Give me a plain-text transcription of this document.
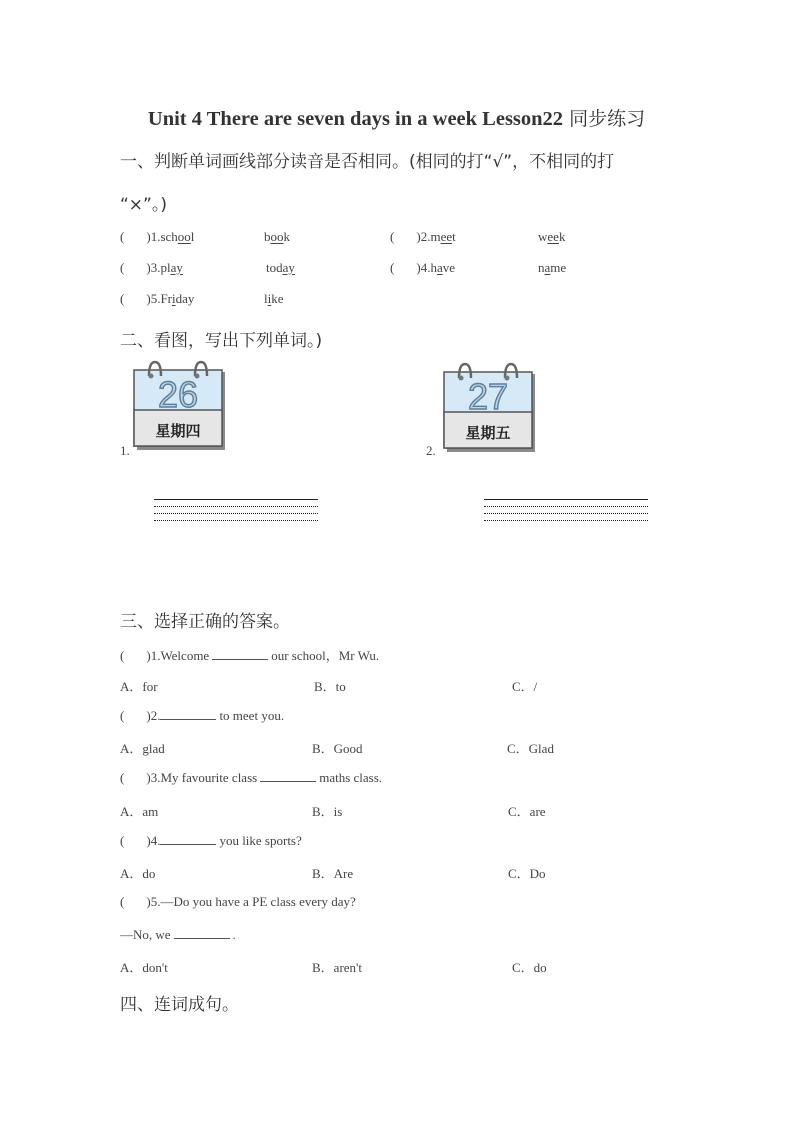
Unit 4 There are seven days in a week Lesson22 同步练习
一、判断单词画线部分读音是否相同。(相同的打“√”，不相同的打
“×”。)
( )1.school	book	( )2.meet	week
( )3.play	today	( )4.have	name
( )5.Friday	like
二、看图，写出下列单词。)
1.
26
星期四
2.
27
星期五
三、选择正确的答案。
( )1.Welcome	our school，Mr Wu.
A．for	B．to	C．/
( )2.	to meet you.
A．glad	B．Good	C．Glad
( )3.My favourite class	maths class.
A．am	B．is	C．are
( )4.	you like sports?
A．do	B．Are	C．Do
( )5.—Do you have a PE class every day?
—No, we	.
A．don't	B．aren't	C．do
四、连词成句。
